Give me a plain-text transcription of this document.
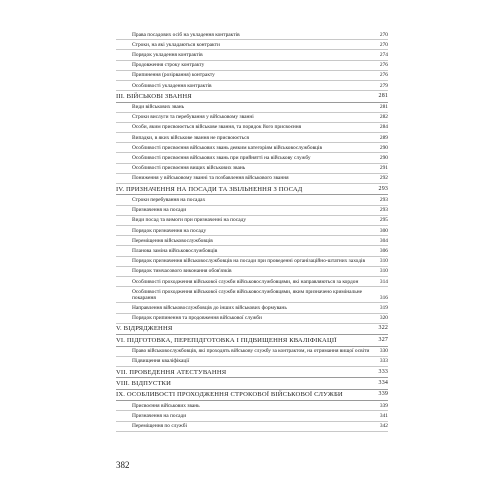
Права посадових осіб на укладення контрактів	270
Строки, на які укладаються контракти	270
Порядок укладення контрактів	274
Продовження строку контракту	276
Припинення (розірвання) контракту	276
Особливості укладення контрактів	279
III. ВІЙСЬКОВІ ЗВАННЯ	281
Види військових звань	281
Строки вислуги та перебування у військовому званні	282
Особи, яким присвоюється військове звання, та порядок його присвоєння	284
Випадки, в яких військове звання не присвоюється	289
Особливості присвоєння військових звань деяким категоріям військовослужбовців	290
Особливості присвоєння військових звань при прийнятті на військову службу	290
Особливості присвоєння вищих військових звань	291
Пониження у військовому званні та позбавлення військового звання	292
IV. ПРИЗНАЧЕННЯ НА ПОСАДИ ТА ЗВІЛЬНЕННЯ З ПОСАД	293
Строки перебування на посадах	293
Призначення на посади	293
Види посад та вимоги при призначенні на посаду	295
Порядок призначення на посаду	300
Переміщення військовослужбовців	304
Планова заміна військовослужбовців	306
Порядок призначення військовослужбовців на посади при проведенні організаційно-штатних заходів	310
Порядок тимчасового виконання обов'язків	310
Особливості проходження військової служби військовослужбовцями, які направляються за кордон	314
Особливості проходження військової служби військовослужбовцями, яким призначено кримінальне покарання	316
Направлення військовослужбовців до інших військових формувань	319
Порядок припинення та продовження військової служби	320
V. ВІДРЯДЖЕННЯ	322
VI. ПІДГОТОВКА, ПЕРЕПІДГОТОВКА І ПІДВИЩЕННЯ КВАЛІФІКАЦІЇ	327
Право військовослужбовців, які проходять військову службу за контрактом, на отримання вищої освіти	330
Підвищення кваліфікації	333
VII. ПРОВЕДЕННЯ АТЕСТУВАННЯ	333
VIII. ВІДПУСТКИ	334
IX. ОСОБЛИВОСТІ ПРОХОДЖЕННЯ СТРОКОВОЇ ВІЙСЬКОВОЇ СЛУЖБИ	339
Присвоєння військових звань	339
Призначення на посади	341
Переміщення по службі	342
382
